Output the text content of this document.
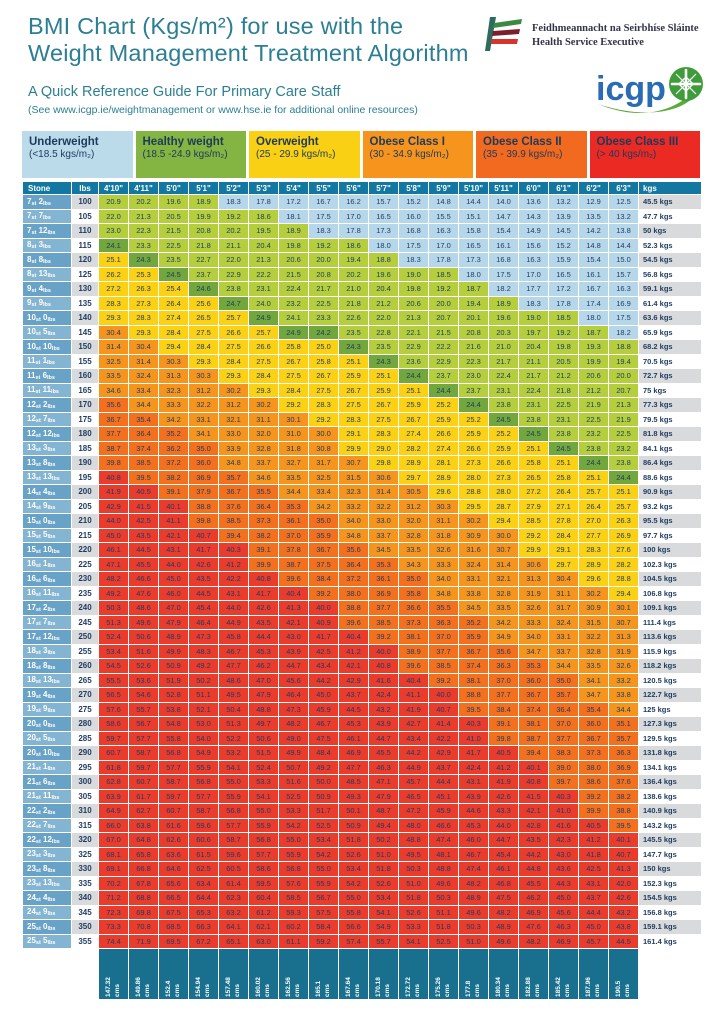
BMI Chart (Kgs/m²) for use with the
Weight Management Treatment Algorithm
A Quick Reference Guide For Primary Care Staff
(See www.icgp.ie/weightmanagement or www.hse.ie for additional online resources)
Feidhmeannacht na Seirbhíse Sláinte
Health Service Executive
icgp
Underweight
(<18.5 kgs/m₂)
Healthy weight
(18.5 -24.9 kgs/m₂)
Overweight
(25 - 29.9 kgs/m₂)
Obese Class I
(30 - 34.9 kgs/m₂)
Obese Class II
(35 - 39.9 kgs/m₂)
Obese Class III
(> 40 kgs/m₂)
Stone	lbs	4'10"	4'11"	5'0"	5'1"	5'2"	5'3"	5'4"	5'5"	5'6"	5'7"	5'8"	5'9"	5'10"	5'11"	6'0"	6'1"	6'2"	6'3"	kgs
7st 2lbs	100	20.9	20.2	19.6	18.9	18.3	17.8	17.2	16.7	16.2	15.7	15.2	14.8	14.4	14.0	13.6	13.2	12.9	12.5	45.5 kgs
7st 7lbs	105	22.0	21.3	20.5	19.9	19.2	18.6	18.1	17.5	17.0	16.5	16.0	15.5	15.1	14.7	14.3	13.9	13.5	13.2	47.7 kgs
7st 12lbs	110	23.0	22.3	21.5	20.8	20.2	19.5	18.9	18.3	17.8	17.3	16.8	16.3	15.8	15.4	14.9	14.5	14.2	13.8	50 kgs
8st 3lbs	115	24.1	23.3	22.5	21.8	21.1	20.4	19.8	19.2	18.6	18.0	17.5	17.0	16.5	16.1	15.6	15.2	14.8	14.4	52.3 kgs
8st 8lbs	120	25.1	24.3	23.5	22.7	22.0	21.3	20.6	20.0	19.4	18.8	18.3	17.8	17.3	16.8	16.3	15.9	15.4	15.0	54.5 kgs
8st 13lbs	125	26.2	25.3	24.5	23.7	22.9	22.2	21.5	20.8	20.2	19.6	19.0	18.5	18.0	17.5	17.0	16.5	16.1	15.7	56.8 kgs
9st 4lbs	130	27.2	26.3	25.4	24.6	23.8	23.1	22.4	21.7	21.0	20.4	19.8	19.2	18.7	18.2	17.7	17.2	16.7	16.3	59.1 kgs
9st 9lbs	135	28.3	27.3	26.4	25.6	24.7	24.0	23.2	22.5	21.8	21.2	20.6	20.0	19.4	18.9	18.3	17.8	17.4	16.9	61.4 kgs
10st 0lbs	140	29.3	28.3	27.4	26.5	25.7	24.9	24.1	23.3	22.6	22.0	21.3	20.7	20.1	19.6	19.0	18.5	18.0	17.5	63.6 kgs
10st 5lbs	145	30.4	29.3	28.4	27.5	26.6	25.7	24.9	24.2	23.5	22.8	22.1	21.5	20.8	20.3	19.7	19.2	18.7	18.2	65.9 kgs
10st 10lbs	150	31.4	30.4	29.4	28.4	27.5	26.6	25.8	25.0	24.3	23.5	22.9	22.2	21.6	21.0	20.4	19.8	19.3	18.8	68.2 kgs
11st 1lbs	155	32.5	31.4	30.3	29.3	28.4	27.5	26.7	25.8	25.1	24.3	23.6	22.9	22.3	21.7	21.1	20.5	19.9	19.4	70.5 kgs
11st 6lbs	160	33.5	32.4	31.3	30.3	29.3	28.4	27.5	26.7	25.9	25.1	24.4	23.7	23.0	22.4	21.7	21.2	20.6	20.0	72.7 kgs
11st 11lbs	165	34.6	33.4	32.3	31.2	30.2	29.3	28.4	27.5	26.7	25.9	25.1	24.4	23.7	23.1	22.4	21.8	21.2	20.7	75 kgs
12st 2lbs	170	35.6	34.4	33.3	32.2	31.2	30.2	29.2	28.3	27.5	26.7	25.9	25.2	24.4	23.8	23.1	22.5	21.9	21.3	77.3 kgs
12st 7lbs	175	36.7	35.4	34.2	33.1	32.1	31.1	30.1	29.2	28.3	27.5	26.7	25.9	25.2	24.5	23.8	23.1	22.5	21.9	79.5 kgs
12st 12lbs	180	37.7	36.4	35.2	34.1	33.0	32.0	31.0	30.0	29.1	28.3	27.4	26.6	25.9	25.2	24.5	23.8	23.2	22.5	81.8 kgs
13st 3lbs	185	38.7	37.4	36.2	35.0	33.9	32.8	31.8	30.8	29.9	29.0	28.2	27.4	26.6	25.9	25.1	24.5	23.8	23.2	84.1 kgs
13st 8lbs	190	39.8	38.5	37.2	36.0	34.8	33.7	32.7	31.7	30.7	29.8	28.9	28.1	27.3	26.6	25.8	25.1	24.4	23.8	86.4 kgs
13st 13lbs	195	40.8	39.5	38.2	36.9	35.7	34.6	33.5	32.5	31.5	30.6	29.7	28.9	28.0	27.3	26.5	25.8	25.1	24.4	88.6 kgs
14st 4lbs	200	41.9	40.5	39.1	37.9	36.7	35.5	34.4	33.4	32.3	31.4	30.5	29.6	28.8	28.0	27.2	26.4	25.7	25.1	90.9 kgs
14st 9lbs	205	42.9	41.5	40.1	38.8	37.6	36.4	35.3	34.2	33.2	32.2	31.2	30.3	29.5	28.7	27.9	27.1	26.4	25.7	93.2 kgs
15st 0lbs	210	44.0	42.5	41.1	39.8	38.5	37.3	36.1	35.0	34.0	33.0	32.0	31.1	30.2	29.4	28.5	27.8	27.0	26.3	95.5 kgs
15st 5lbs	215	45.0	43.5	42.1	40.7	39.4	38.2	37.0	35.9	34.8	33.7	32.8	31.8	30.9	30.0	29.2	28.4	27.7	26.9	97.7 kgs
15st 10lbs	220	46.1	44.5	43.1	41.7	40.3	39.1	37.8	36.7	35.6	34.5	33.5	32.6	31.6	30.7	29.9	29.1	28.3	27.6	100 kgs
16st 1lbs	225	47.1	45.5	44.0	42.6	41.2	39.9	38.7	37.5	36.4	35.3	34.3	33.3	32.4	31.4	30.6	29.7	28.9	28.2	102.3 kgs
16st 6lbs	230	48.2	46.6	45.0	43.5	42.2	40.8	39.6	38.4	37.2	36.1	35.0	34.0	33.1	32.1	31.3	30.4	29.6	28.8	104.5 kgs
16st 11lbs	235	49.2	47.6	46.0	44.5	43.1	41.7	40.4	39.2	38.0	36.9	35.8	34.8	33.8	32.8	31.9	31.1	30.2	29.4	106.8 kgs
17st 2lbs	240	50.3	48.6	47.0	45.4	44.0	42.6	41.3	40.0	38.8	37.7	36.6	35.5	34.5	33.5	32.6	31.7	30.9	30.1	109.1 kgs
17st 7lbs	245	51.3	49.6	47.9	46.4	44.9	43.5	42.1	40.9	39.6	38.5	37.3	36.3	35.2	34.2	33.3	32.4	31.5	30.7	111.4 kgs
17st 12lbs	250	52.4	50.6	48.9	47.3	45.8	44.4	43.0	41.7	40.4	39.2	38.1	37.0	35.9	34.9	34.0	33.1	32.2	31.3	113.6 kgs
18st 3lbs	255	53.4	51.6	49.9	48.3	46.7	45.3	43.9	42.5	41.2	40.0	38.9	37.7	36.7	35.6	34.7	33.7	32.8	31.9	115.9 kgs
18st 8lbs	260	54.5	52.6	50.9	49.2	47.7	46.2	44.7	43.4	42.1	40.8	39.6	38.5	37.4	36.3	35.3	34.4	33.5	32.6	118.2 kgs
18st 13lbs	265	55.5	53.6	51.9	50.2	48.6	47.0	45.6	44.2	42.9	41.6	40.4	39.2	38.1	37.0	36.0	35.0	34.1	33.2	120.5 kgs
19st 4lbs	270	56.5	54.6	52.8	51.1	49.5	47.9	46.4	45.0	43.7	42.4	41.1	40.0	38.8	37.7	36.7	35.7	34.7	33.8	122.7 kgs
19st 9lbs	275	57.6	55.7	53.8	52.1	50.4	48.8	47.3	45.9	44.5	43.2	41.9	40.7	39.5	38.4	37.4	36.4	35.4	34.4	125 kgs
20st 0lbs	280	58.6	56.7	54.8	53.0	51.3	49.7	48.2	46.7	45.3	43.9	42.7	41.4	40.3	39.1	38.1	37.0	36.0	35.1	127.3 kgs
20st 5lbs	285	59.7	57.7	55.8	54.0	52.2	50.6	49.0	47.5	46.1	44.7	43.4	42.2	41.0	39.8	38.7	37.7	36.7	35.7	129.5 kgs
20st 10lbs	290	60.7	58.7	56.8	54.9	53.2	51.5	49.9	48.4	46.9	45.5	44.2	42.9	41.7	40.5	39.4	38.3	37.3	36.3	131.8 kgs
21st 1lbs	295	61.8	59.7	57.7	55.9	54.1	52.4	50.7	49.2	47.7	46.3	44.9	43.7	42.4	41.2	40.1	39.0	38.0	36.9	134.1 kgs
21st 6lbs	300	62.8	60.7	58.7	56.8	55.0	53.3	51.6	50.0	48.5	47.1	45.7	44.4	43.1	41.9	40.8	39.7	38.6	37.6	136.4 kgs
21st 11lbs	305	63.9	61.7	59.7	57.7	55.9	54.1	52.5	50.9	49.3	47.9	46.5	45.1	43.9	42.6	41.5	40.3	39.2	38.2	138.6 kgs
22st 2lbs	310	64.9	62.7	60.7	58.7	56.8	55.0	53.3	51.7	50.1	48.7	47.2	45.9	44.6	43.3	42.1	41.0	39.9	38.8	140.9 kgs
22st 7lbs	315	66.0	63.8	61.6	59.6	57.7	55.9	54.2	52.5	50.9	49.4	48.0	46.6	45.3	44.0	42.8	41.6	40.5	39.5	143.2 kgs
22st 12lbs	320	67.0	64.8	62.6	60.6	58.7	56.8	55.0	53.4	51.8	50.2	48.8	47.4	46.0	44.7	43.5	42.3	41.2	40.1	145.5 kgs
23st 3lbs	325	68.1	65.8	63.6	61.5	59.6	57.7	55.9	54.2	52.6	51.0	49.5	48.1	46.7	45.4	44.2	43.0	41.8	40.7	147.7 kgs
23st 8lbs	330	69.1	66.8	64.6	62.5	60.5	58.6	56.8	55.0	53.4	51.8	50.3	48.8	47.4	46.1	44.8	43.6	42.5	41.3	150 kgs
23st 13lbs	335	70.2	67.8	65.6	63.4	61.4	59.5	57.6	55.9	54.2	52.6	51.0	49.6	48.2	46.8	45.5	44.3	43.1	42.0	152.3 kgs
24st 4lbs	340	71.2	68.8	66.5	64.4	62.3	60.4	58.5	56.7	55.0	53.4	51.8	50.3	48.9	47.5	46.2	45.0	43.7	42.6	154.5 kgs
24st 9lbs	345	72.3	69.8	67.5	65.3	63.2	61.2	59.3	57.5	55.8	54.1	52.6	51.1	49.6	48.2	46.9	45.6	44.4	43.2	156.8 kgs
25st 0lbs	350	73.3	70.8	68.5	66.3	64.1	62.1	60.2	58.4	56.6	54.9	53.3	51.8	50.3	48.9	47.6	46.3	45.0	43.8	159.1 kgs
25st 5lbs	355	74.4	71.9	69.5	67.2	65.1	63.0	61.1	59.2	57.4	55.7	54.1	52.5	51.0	49.6	48.2	46.9	45.7	44.5	161.4 kgs

147.32 cms	149.86 cms	152.4 cms	154.94 cms	157.48 cms	160.02 cms	162.56 cms	165.1 cms	167.64 cms	170.18 cms	172.72 cms	175.26 cms	177.8 cms	180.34 cms	182.88 cms	185.42 cms	187.96 cms	190.5 cms
